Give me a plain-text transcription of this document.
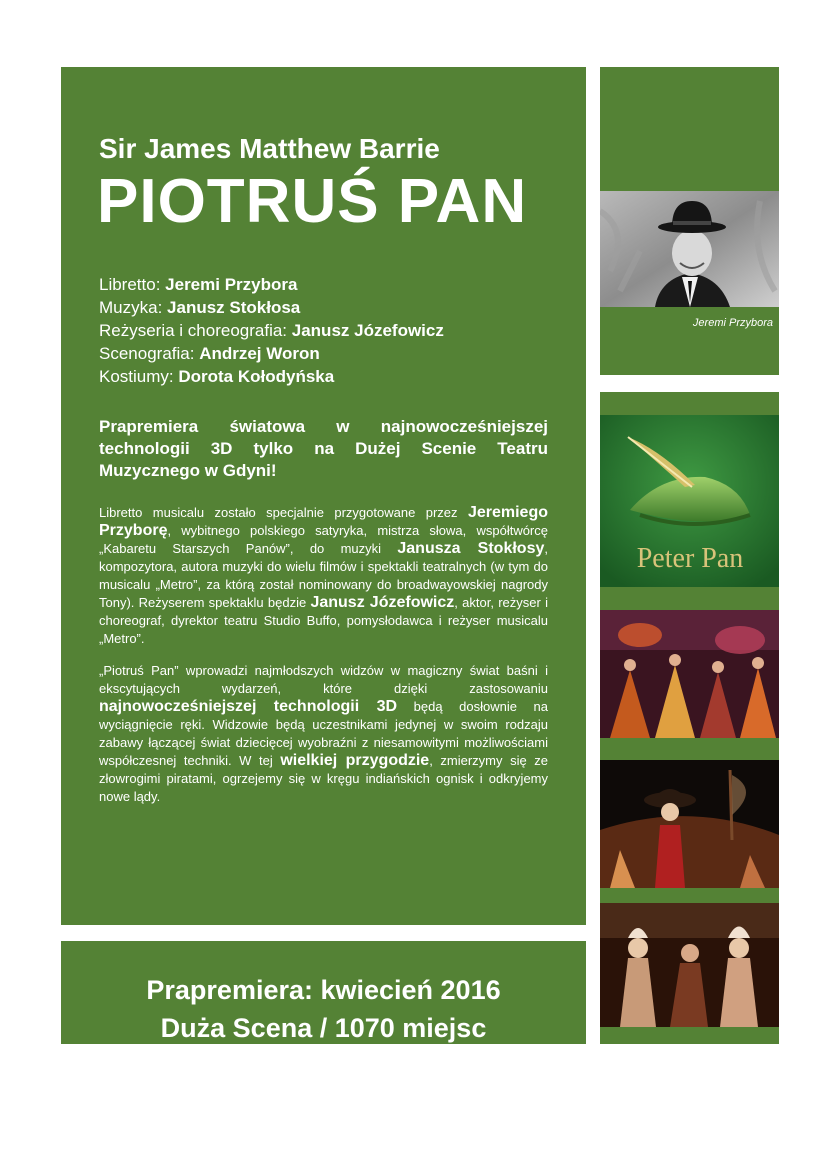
Sir James Matthew Barrie

PIOTRUŚ PAN
Libretto: Jeremi Przybora
Muzyka: Janusz Stokłosa
Reżyseria i choreografia: Janusz Józefowicz
Scenografia: Andrzej Woron
Kostiumy: Dorota Kołodyńska
Prapremiera światowa w najnowocześniejszej technologii 3D tylko na Dużej Scenie Teatru Muzycznego w Gdyni!
Libretto musicalu zostało specjalnie przygotowane przez Jeremiego Przyborę, wybitnego polskiego satyryka, mistrza słowa, współtwórcę „Kabaretu Starszych Panów”, do muzyki Janusza Stokłosy, kompozytora, autora muzyki do wielu filmów i spektakli teatralnych (w tym do musicalu „Metro”, za którą został nominowany do broadwayowskiej nagrody Tony). Reżyserem spektaklu będzie Janusz Józefowicz, aktor, reżyser i choreograf, dyrektor teatru Studio Buffo, pomysłodawca i reżyser musicalu „Metro”.
„Piotruś Pan” wprowadzi najmłodszych widzów w magiczny świat baśni i ekscytujących wydarzeń, które dzięki zastosowaniu najnowocześniejszej technologii 3D będą dosłownie na wyciągnięcie ręki. Widzowie będą uczestnikami jedynej w swoim rodzaju zabawy łączącej świat dziecięcej wyobraźni z niesamowitymi możliwościami współczesnej techniki. W tej wielkiej przygodzie, zmierzymy się ze złowrogimi piratami, ogrzejemy się w kręgu indiańskich ognisk i odkryjemy nowe lądy.
Prapremiera: kwiecień 2016
Duża Scena / 1070 miejsc
Jeremi Przybora
Peter Pan
